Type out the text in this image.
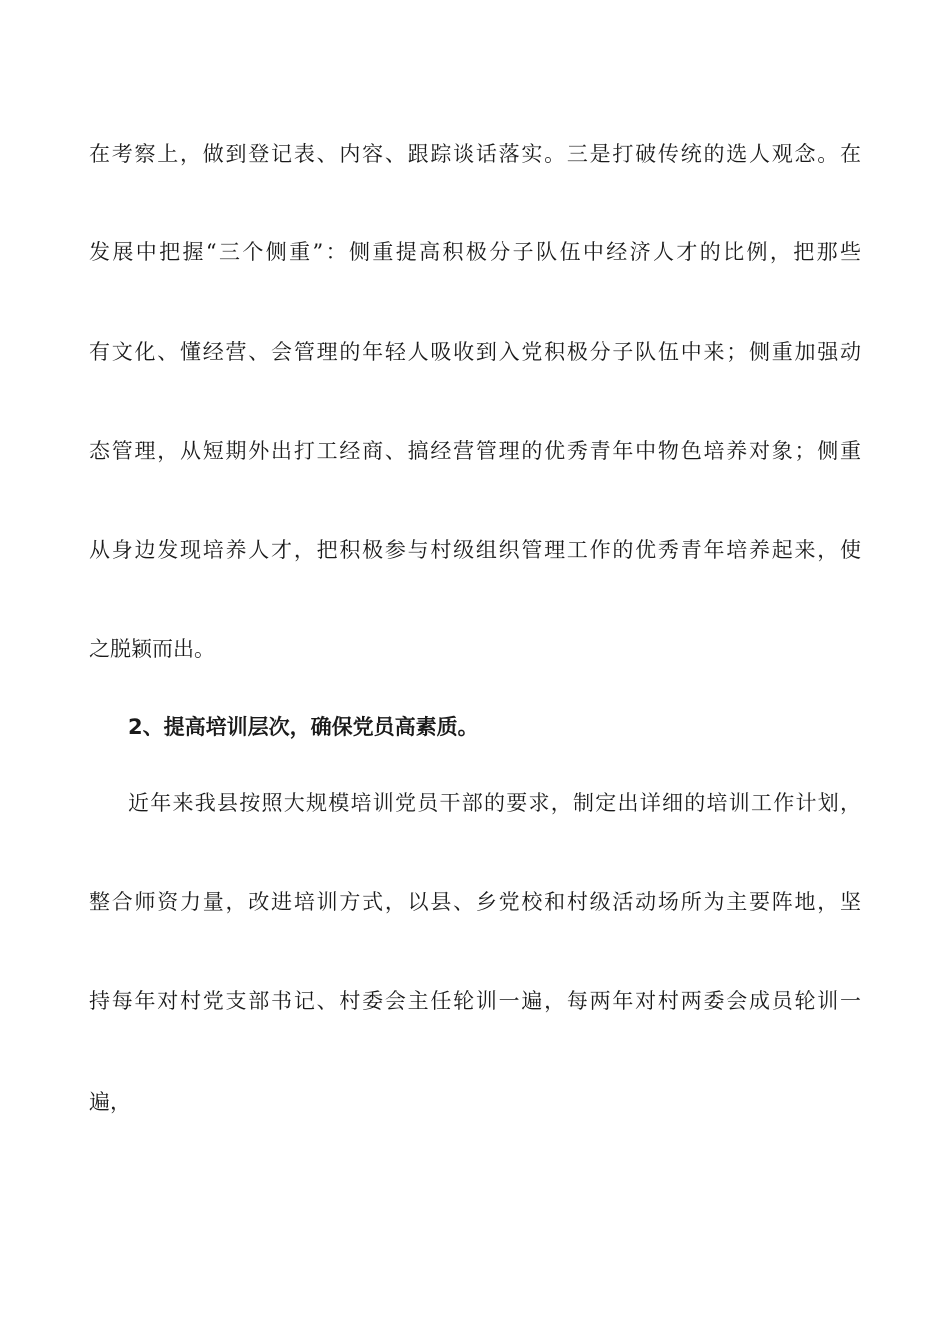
在考察上，做到登记表、内容、跟踪谈话落实。三是打破传统的选人观念。在
发展中把握“三个侧重”：侧重提高积极分子队伍中经济人才的比例，把那些
有文化、懂经营、会管理的年轻人吸收到入党积极分子队伍中来；侧重加强动
态管理，从短期外出打工经商、搞经营管理的优秀青年中物色培养对象；侧重
从身边发现培养人才，把积极参与村级组织管理工作的优秀青年培养起来，使
之脱颖而出。
2、提高培训层次，确保党员高素质。
近年来我县按照大规模培训党员干部的要求，制定出详细的培训工作计划，
整合师资力量，改进培训方式，以县、乡党校和村级活动场所为主要阵地，坚
持每年对村党支部书记、村委会主任轮训一遍，每两年对村两委会成员轮训一
遍，
